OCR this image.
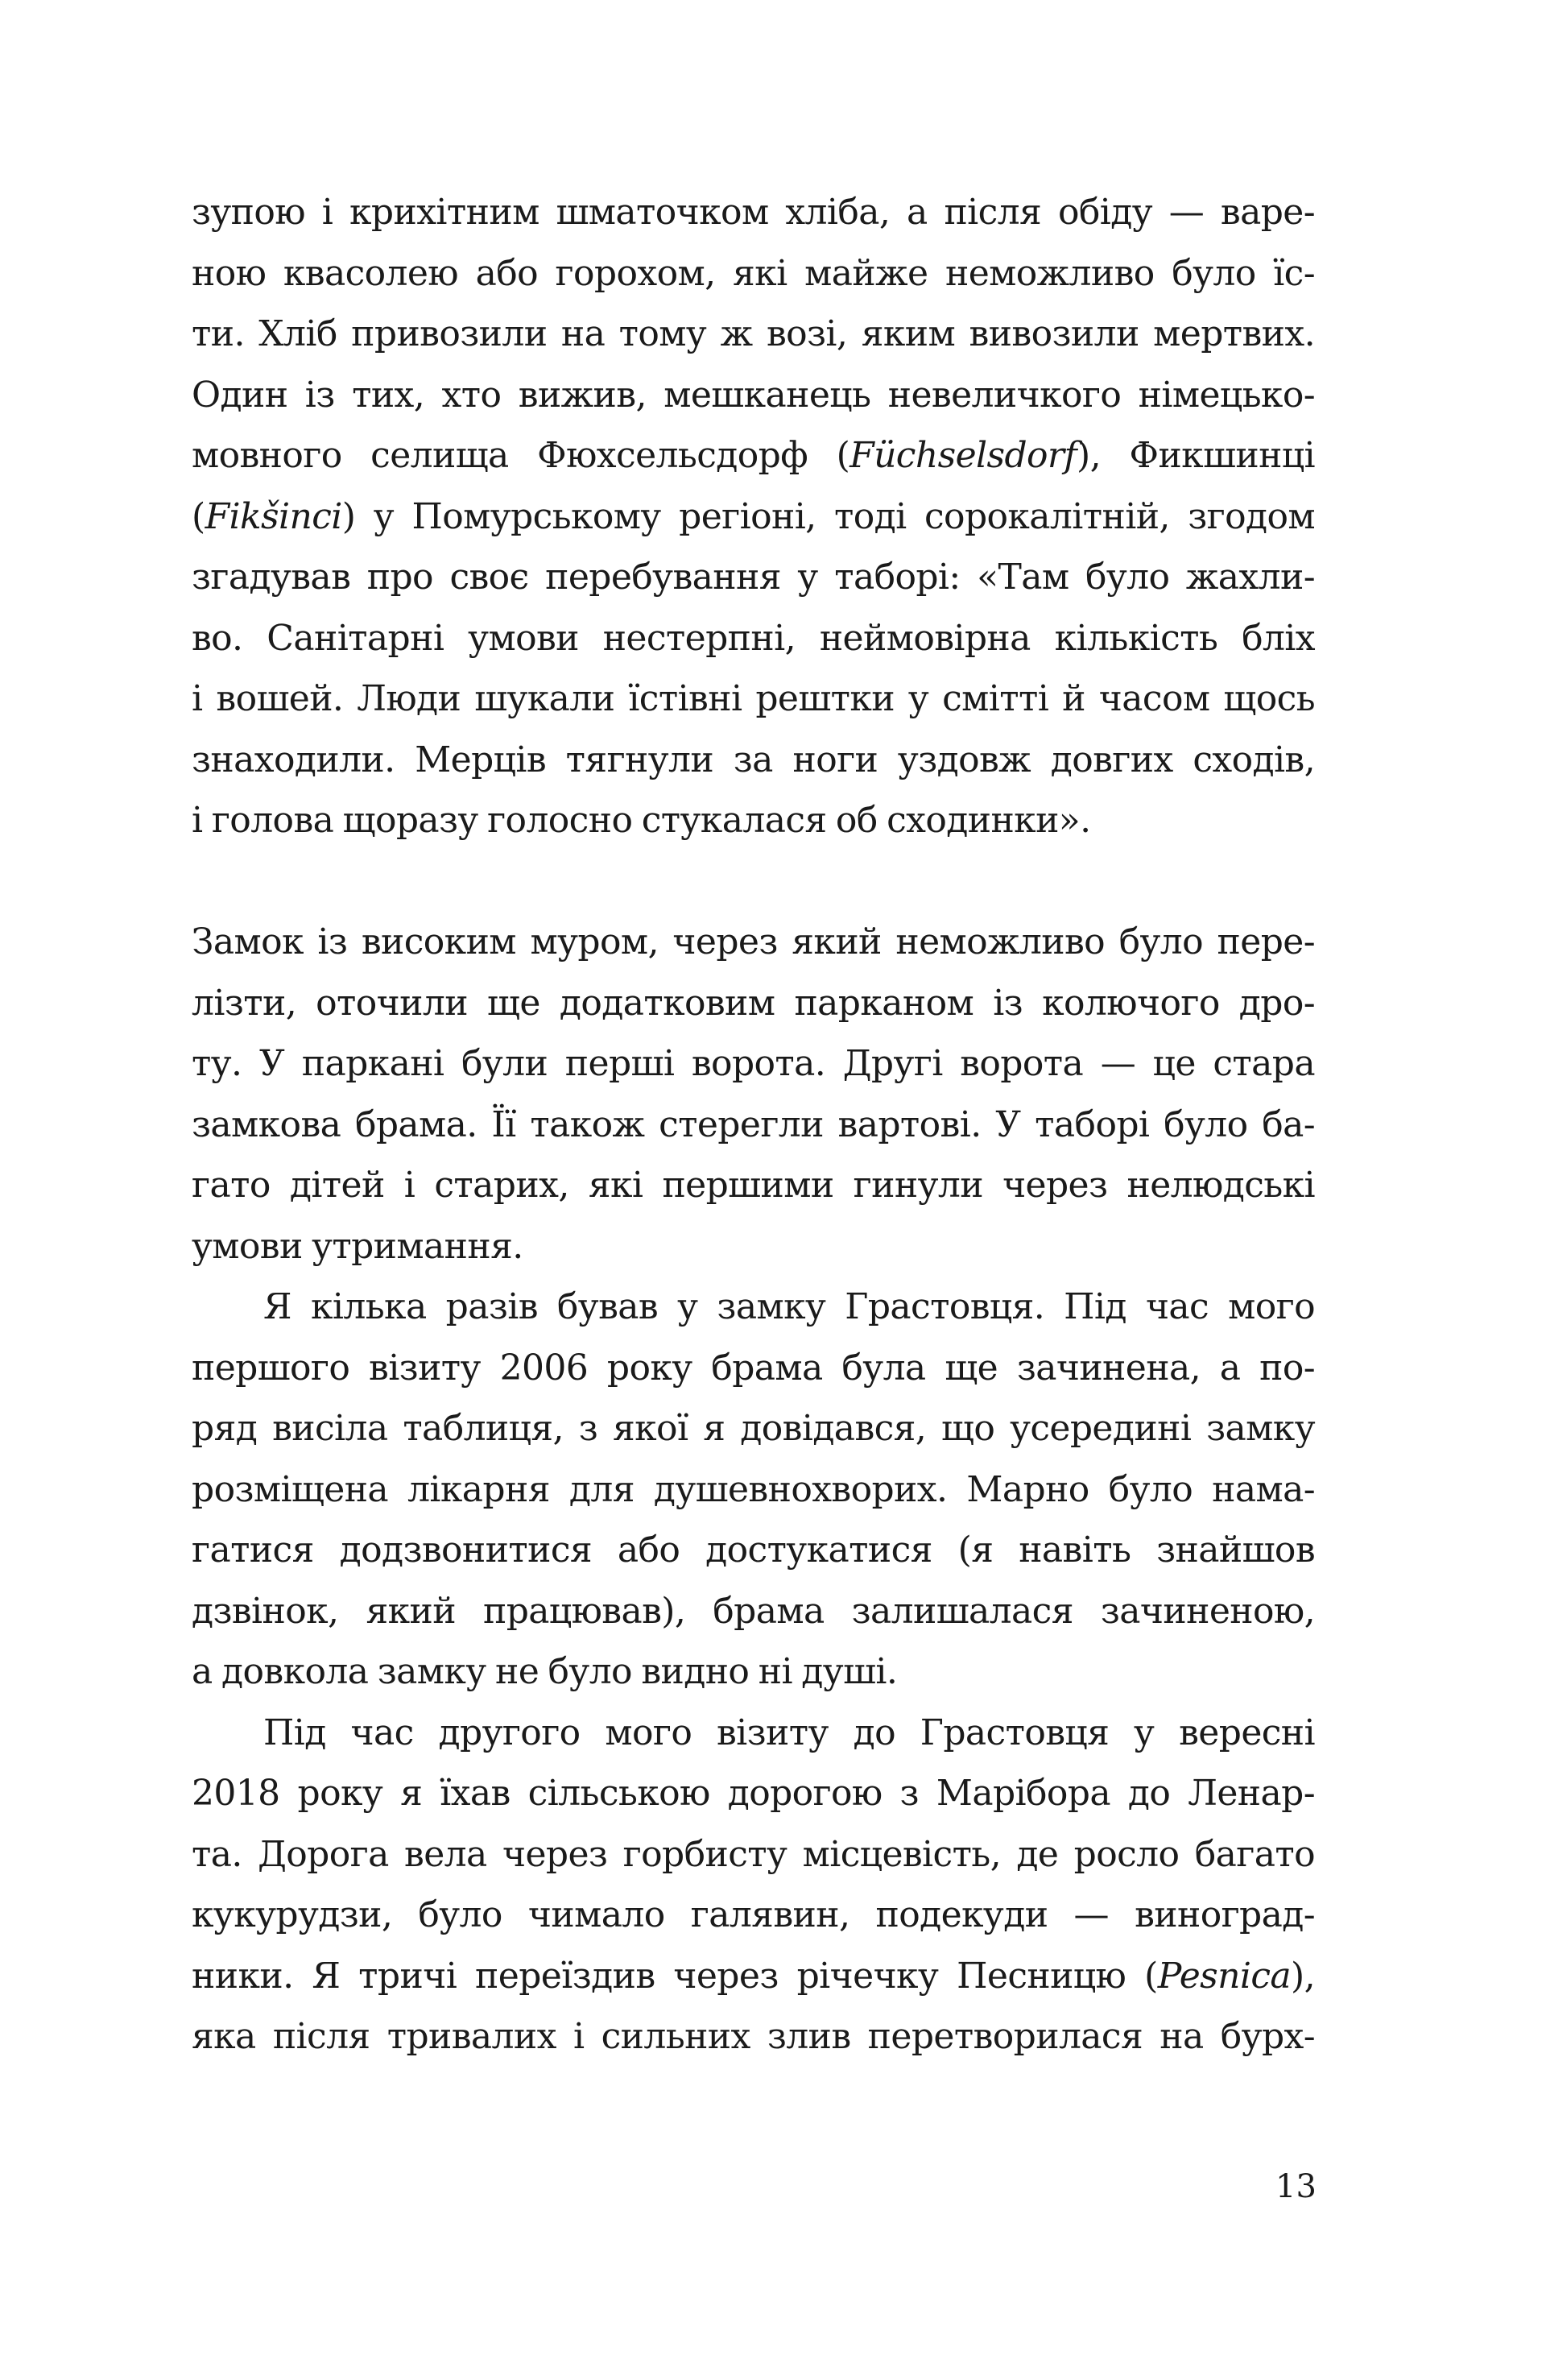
зупою і крихітним шматочком хліба, а після обіду — варе-
ною квасолею або горохом, які майже неможливо було їс-
ти. Хліб привозили на тому ж возі, яким вивозили мертвих.
Один із тих, хто вижив, мешканець невеличкого німецько-
мовного селища Фюхсельсдорф (Füchselsdorf), Фикшинці
(Fikšinci) у Помурському регіоні, тоді сорокалітній, згодом
згадував про своє перебування у таборі: «Там було жахли-
во. Санітарні умови нестерпні, неймовірна кількість бліх
і вошей. Люди шукали їстівні рештки у смітті й часом щось
знаходили. Мерців тягнули за ноги уздовж довгих сходів,
і голова щоразу голосно стукалася об сходинки».
Замок із високим муром, через який неможливо було пере-
лізти, оточили ще додатковим парканом із колючого дро-
ту. У паркані були перші ворота. Другі ворота — це стара
замкова брама. Її також стерегли вартові. У таборі було ба-
гато дітей і старих, які першими гинули через нелюдські
умови утримання.
Я кілька разів бував у замку Грастовця. Під час мого
першого візиту 2006 року брама була ще зачинена, а по-
ряд висіла таблиця, з якої я довідався, що усередині замку
розміщена лікарня для душевнохворих. Марно було нама-
гатися додзвонитися або достукатися (я навіть знайшов
дзвінок, який працював), брама залишалася зачиненою,
а довкола замку не було видно ні душі.
Під час другого мого візиту до Грастовця у вересні
2018 року я їхав сільською дорогою з Марібора до Ленар-
та. Дорога вела через горбисту місцевість, де росло багато
кукурудзи, було чимало галявин, подекуди — виноград-
ники. Я тричі переїздив через річечку Песницю (Pesnica),
яка після тривалих і сильних злив перетворилася на бурх-
13
